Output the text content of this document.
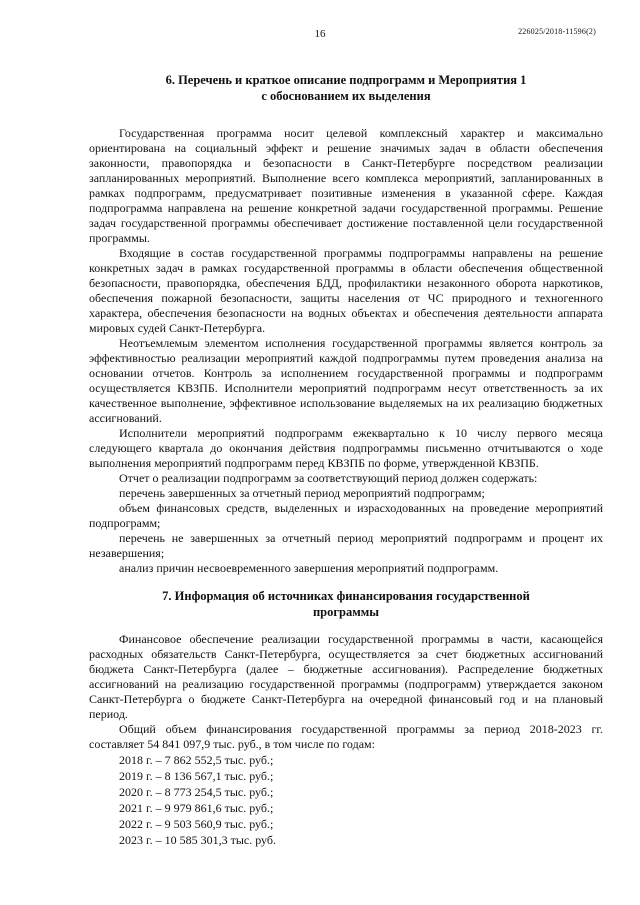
16	226025/2018-11596(2)
6. Перечень и краткое описание подпрограмм и Мероприятия 1
с обоснованием их выделения

Государственная программа носит целевой комплексный характер и максимально ориентирована на социальный эффект и решение значимых задач в области обеспечения законности, правопорядка и безопасности в Санкт-Петербурге посредством реализации запланированных мероприятий. Выполнение всего комплекса мероприятий, запланированных в рамках подпрограмм, предусматривает позитивные изменения в указанной сфере. Каждая подпрограмма направлена на решение конкретной задачи государственной программы. Решение задач государственной программы обеспечивает достижение поставленной цели государственной программы.

Входящие в состав государственной программы подпрограммы направлены на решение конкретных задач в рамках государственной программы в области обеспечения общественной безопасности, правопорядка, обеспечения БДД, профилактики незаконного оборота наркотиков, обеспечения пожарной безопасности, защиты населения от ЧС природного и техногенного характера, обеспечения безопасности на водных объектах и обеспечения деятельности аппарата мировых судей Санкт-Петербурга.

Неотъемлемым элементом исполнения государственной программы является контроль за эффективностью реализации мероприятий каждой подпрограммы путем проведения анализа на основании отчетов. Контроль за исполнением государственной программы и подпрограмм осуществляется КВЗПБ. Исполнители мероприятий подпрограмм несут ответственность за их качественное выполнение, эффективное использование выделяемых на их реализацию бюджетных ассигнований.

Исполнители мероприятий подпрограмм ежеквартально к 10 числу первого месяца следующего квартала до окончания действия подпрограммы письменно отчитываются о ходе выполнения мероприятий подпрограмм перед КВЗПБ по форме, утвержденной КВЗПБ.

Отчет о реализации подпрограмм за соответствующий период должен содержать:

перечень завершенных за отчетный период мероприятий подпрограмм;

объем финансовых средств, выделенных и израсходованных на проведение мероприятий подпрограмм;

перечень не завершенных за отчетный период мероприятий подпрограмм и процент их незавершения;

анализ причин несвоевременного завершения мероприятий подпрограмм.

7. Информация об источниках финансирования государственной
программы

Финансовое обеспечение реализации государственной программы в части, касающейся расходных обязательств Санкт-Петербурга, осуществляется за счет бюджетных ассигнований бюджета Санкт-Петербурга (далее – бюджетные ассигнования). Распределение бюджетных ассигнований на реализацию государственной программы (подпрограмм) утверждается законом Санкт-Петербурга о бюджете Санкт-Петербурга на очередной финансовый год и на плановый период.

Общий объем финансирования государственной программы за период 2018-2023 гг. составляет 54 841 097,9 тыс. руб., в том числе по годам:

2018 г. – 7 862 552,5 тыс. руб.;
2019 г. – 8 136 567,1 тыс. руб.;
2020 г. – 8 773 254,5 тыс. руб.;
2021 г. – 9 979 861,6 тыс. руб.;
2022 г. – 9 503 560,9 тыс. руб.;
2023 г. – 10 585 301,3 тыс. руб.
